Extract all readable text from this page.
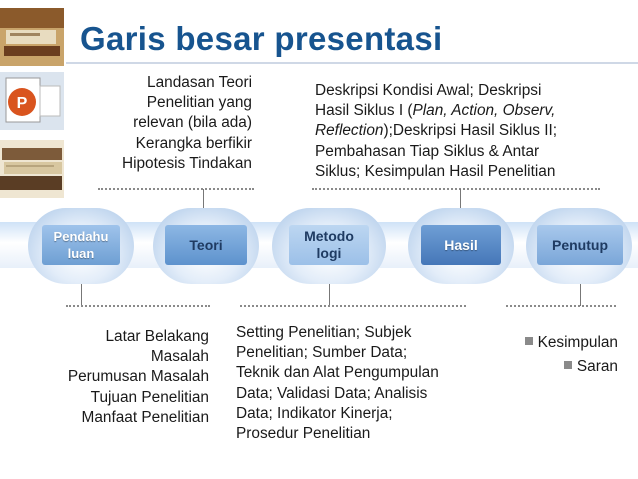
P
Garis besar presentasi
Landasan Teori
Penelitian yang
relevan (bila ada)
Kerangka berfikir
Hipotesis Tindakan
Deskripsi Kondisi Awal; Deskripsi
Hasil Siklus I (Plan, Action, Observ,
Reflection);Deskripsi Hasil Siklus II;
Pembahasan Tiap Siklus & Antar
Siklus; Kesimpulan Hasil Penelitian
Pendahu
luan
Teori
Metodo
logi
Hasil	Penutup
Latar Belakang
Masalah
Perumusan Masalah
Tujuan Penelitian
Manfaat Penelitian
Setting Penelitian; Subjek
Penelitian; Sumber Data;
Teknik dan Alat Pengumpulan
Data; Validasi Data; Analisis
Data; Indikator Kinerja;
Prosedur Penelitian
Kesimpulan
Saran
